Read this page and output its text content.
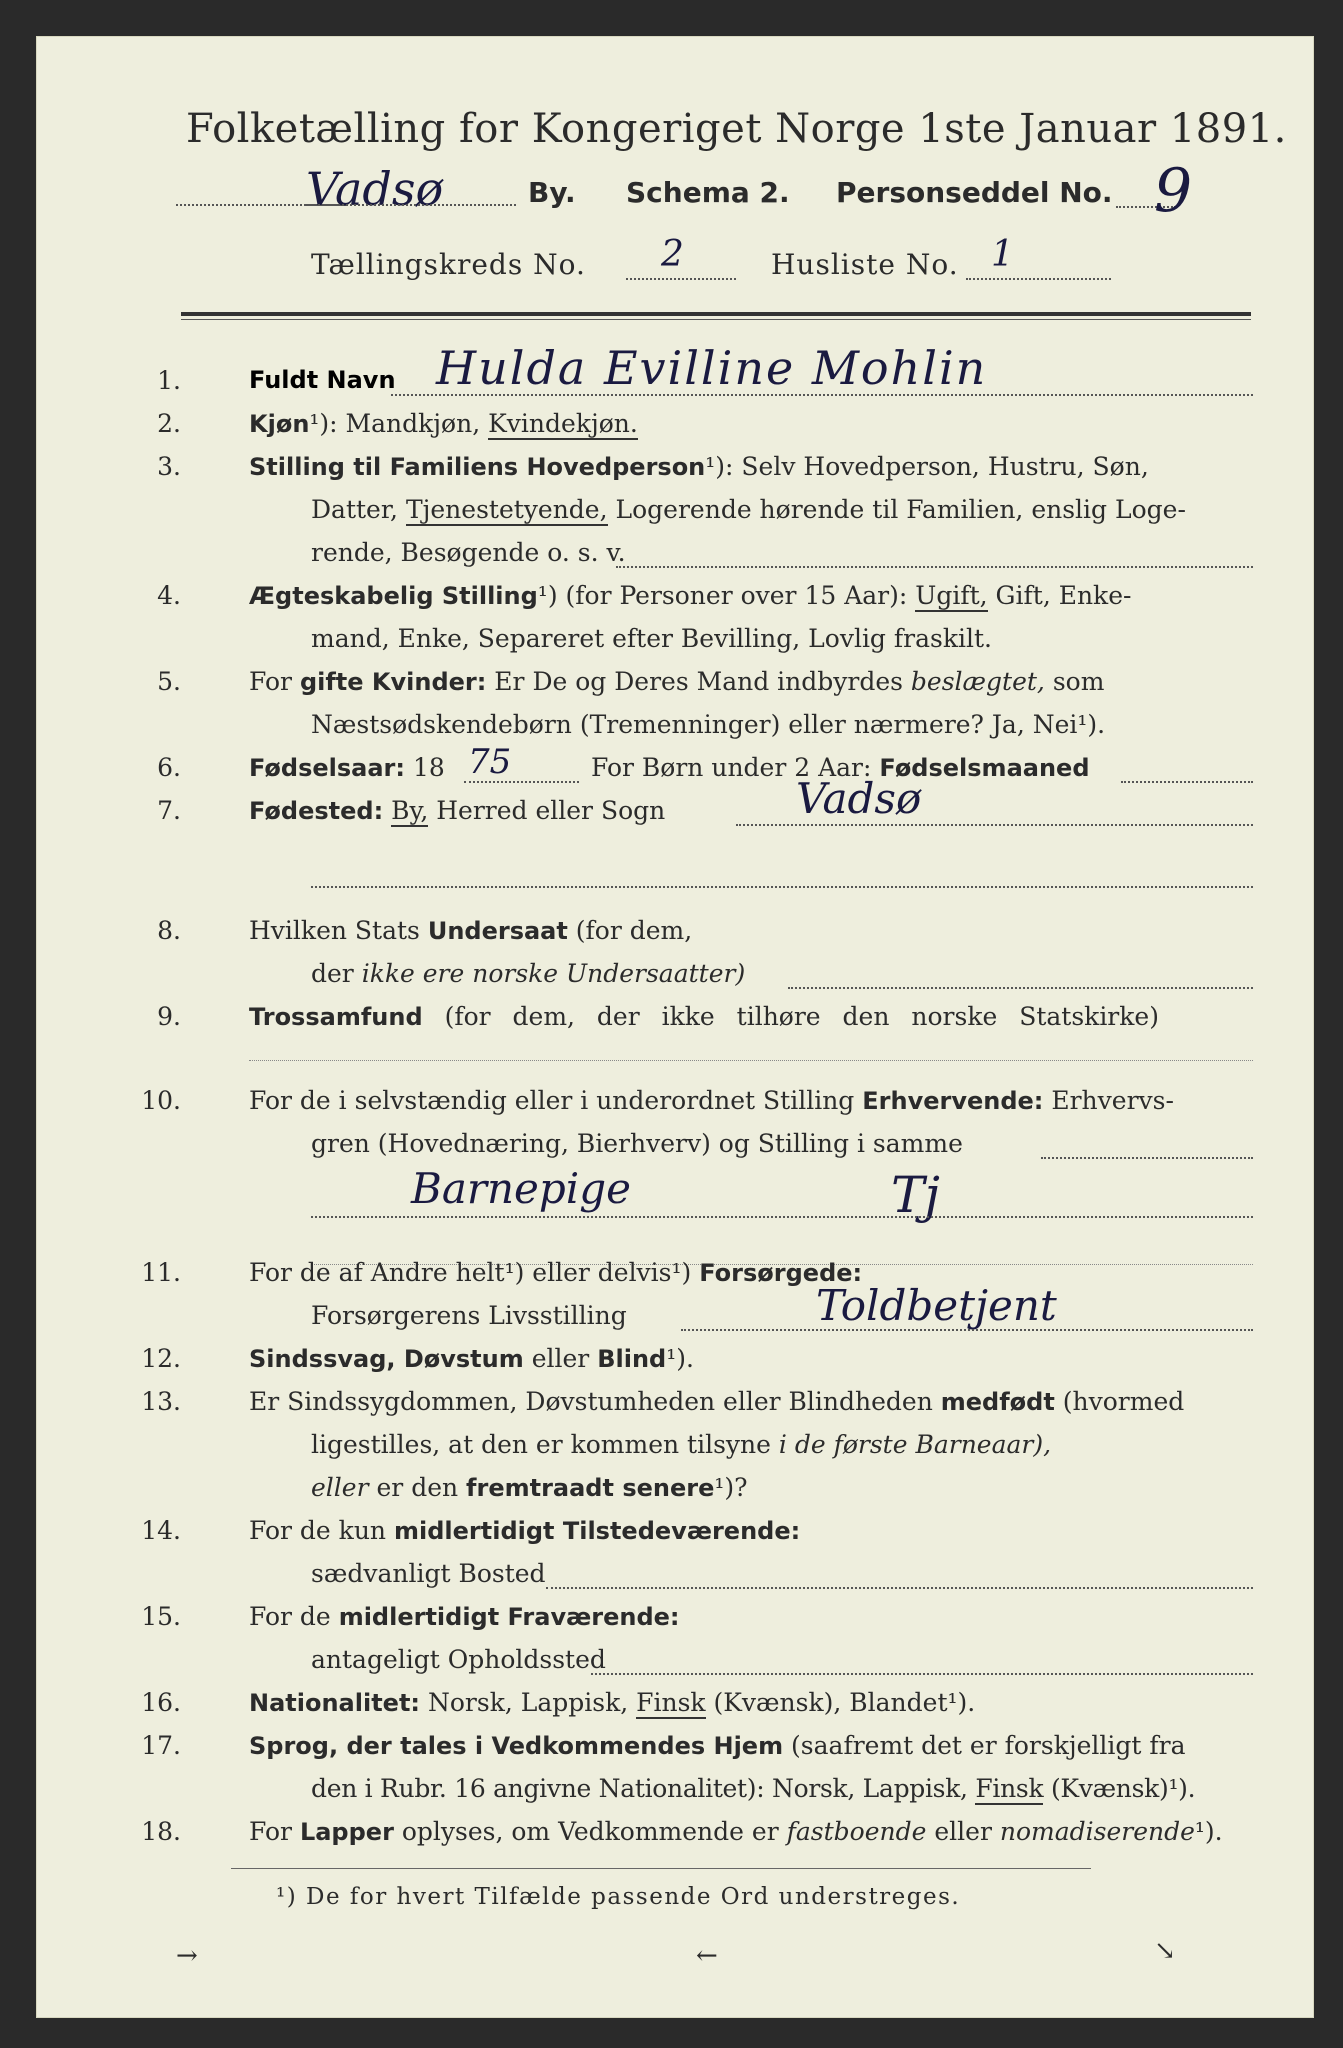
Folketælling for Kongeriget Norge 1ste Januar 1891.
Vadsø	By. Schema 2. Personseddel No. 9
Tællingskreds No. 2	Husliste No. 1
1.	Fuldt Navn Hulda Evilline Mohlin
2.	Kjøn¹): Mandkjøn, Kvindekjøn.
3.	Stilling til Familiens Hovedperson¹): Selv Hovedperson, Hustru, Søn,
Datter, Tjenestetyende, Logerende hørende til Familien, enslig Loge-
rende, Besøgende o. s. v.
4.	Ægteskabelig Stilling¹) (for Personer over 15 Aar): Ugift, Gift, Enke-
mand, Enke, Separeret efter Bevilling, Lovlig fraskilt.
5.	For gifte Kvinder: Er De og Deres Mand indbyrdes beslægtet, som
Næstsødskendebørn (Tremenninger) eller nærmere? Ja, Nei¹).
6.	Fødselsaar: 18 75	For Børn under 2 Aar: Fødselsmaaned
7.	Fødested: By, Herred eller Sogn	Vadsø
8.	Hvilken Stats Undersaat (for dem,
der ikke ere norske Undersaatter)
9.	Trossamfund (for dem, der ikke tilhøre den norske Statskirke)
10.	For de i selvstændig eller i underordnet Stilling Erhvervende: Erhvervs-
gren (Hovednæring, Bierhverv) og Stilling i samme
Barnepige	Tj
11.	For de af Andre helt¹) eller delvis¹) Forsørgede:
Forsørgerens Livsstilling	Toldbetjent
12.	Sindssvag, Døvstum eller Blind¹).
13.	Er Sindssygdommen, Døvstumheden eller Blindheden medfødt (hvormed
ligestilles, at den er kommen tilsyne i de første Barneaar),
eller er den fremtraadt senere¹)?
14.	For de kun midlertidigt Tilstedeværende:
sædvanligt Bosted
15.	For de midlertidigt Fraværende:
antageligt Opholdssted
16.	Nationalitet: Norsk, Lappisk, Finsk (Kvænsk), Blandet¹).
17.	Sprog, der tales i Vedkommendes Hjem (saafremt det er forskjelligt fra
den i Rubr. 16 angivne Nationalitet): Norsk, Lappisk, Finsk (Kvænsk)¹).
18.	For Lapper oplyses, om Vedkommende er fastboende eller nomadiserende¹).
¹) De for hvert Tilfælde passende Ord understreges.
→	←	↘
